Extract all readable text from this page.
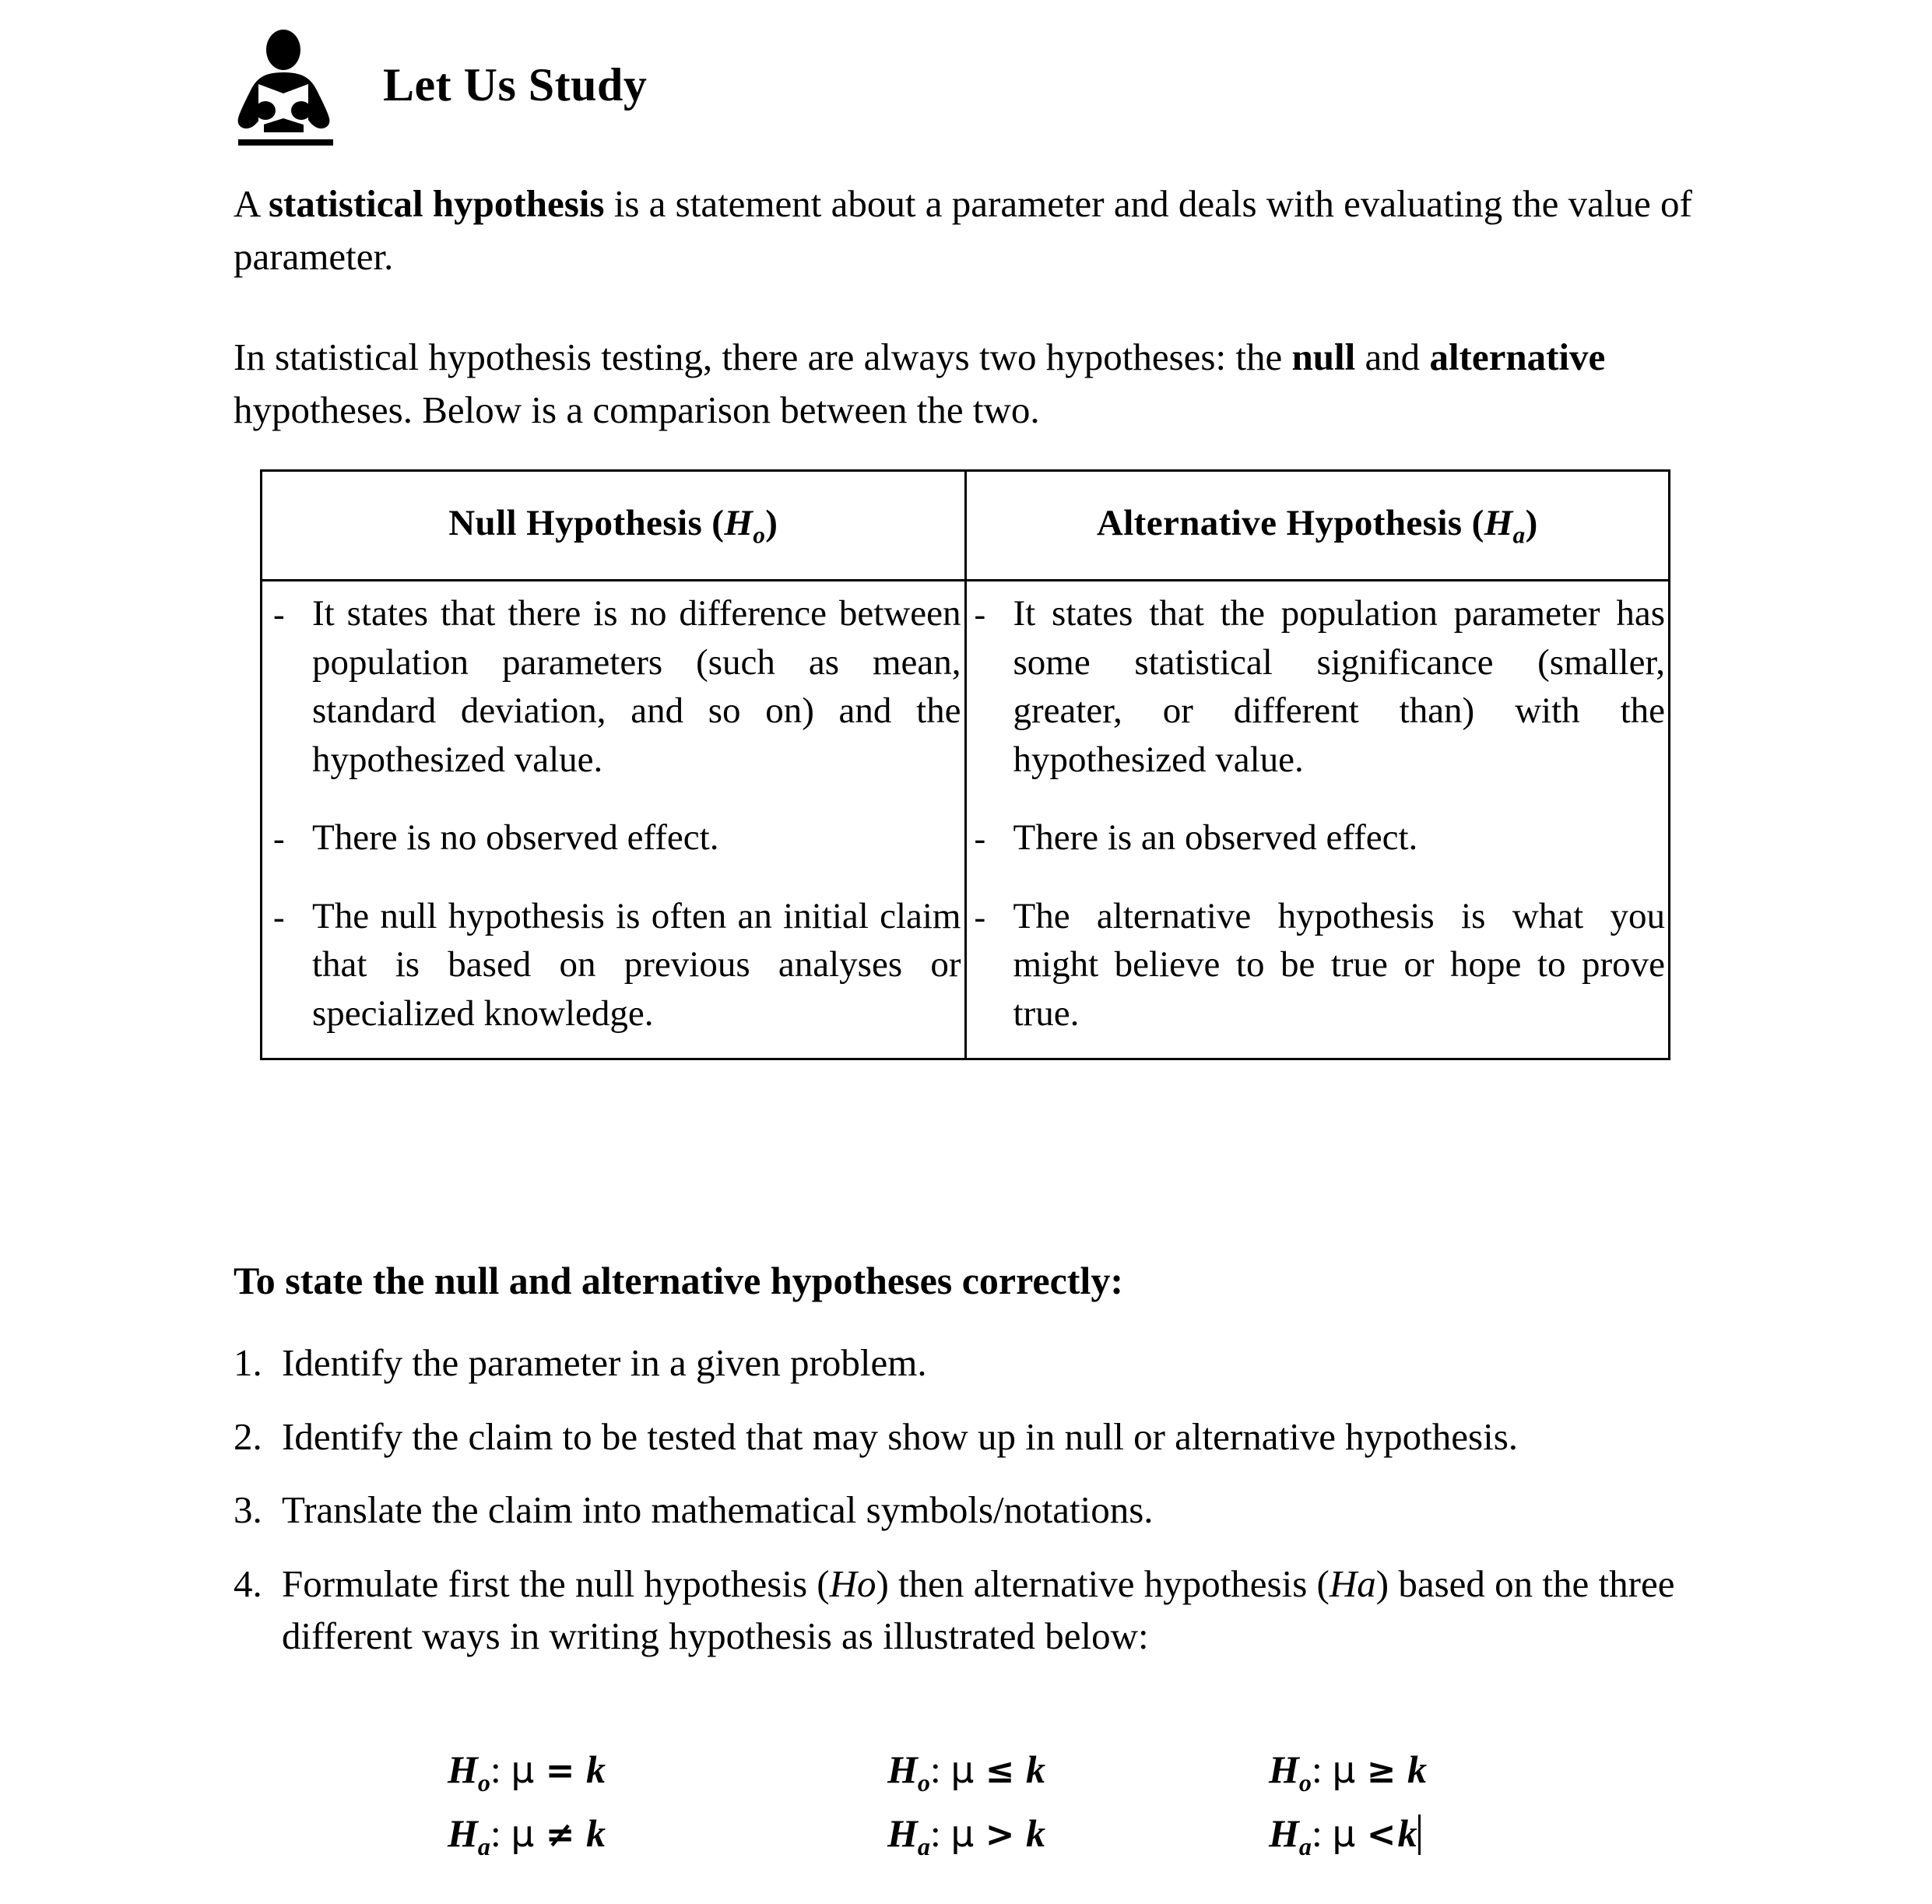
Let Us Study
A statistical hypothesis is a statement about a parameter and deals with evaluating the value of parameter.
In statistical hypothesis testing, there are always two hypotheses: the null and alternative hypotheses. Below is a comparison between the two.
Null Hypothesis $(H_o)$	Alternative Hypothesis $(H_a)$

- It states that there is no difference between population parameters (such as mean, standard deviation, and so on) and the hypothesized value.
- There is no observed effect.
- The null hypothesis is often an initial claim that is based on previous analyses or specialized knowledge.

- It states that the population parameter has some statistical significance (smaller, greater, or different than) with the hypothesized value.
- There is an observed effect.
- The alternative hypothesis is what you might believe to be true or hope to prove true.
To state the null and alternative hypotheses correctly:
1. Identify the parameter in a given problem.
2. Identify the claim to be tested that may show up in null or alternative hypothesis.
3. Translate the claim into mathematical symbols/notations.
4. Formulate first the null hypothesis (Ho) then alternative hypothesis (Ha) based on the three different ways in writing hypothesis as illustrated below:
$H_o$: μ = k
$H_a$: μ ≠ k
$H_o$: μ ≤ k
$H_a$: μ > k
$H_o$: μ ≥ k
$H_a$: μ <k
